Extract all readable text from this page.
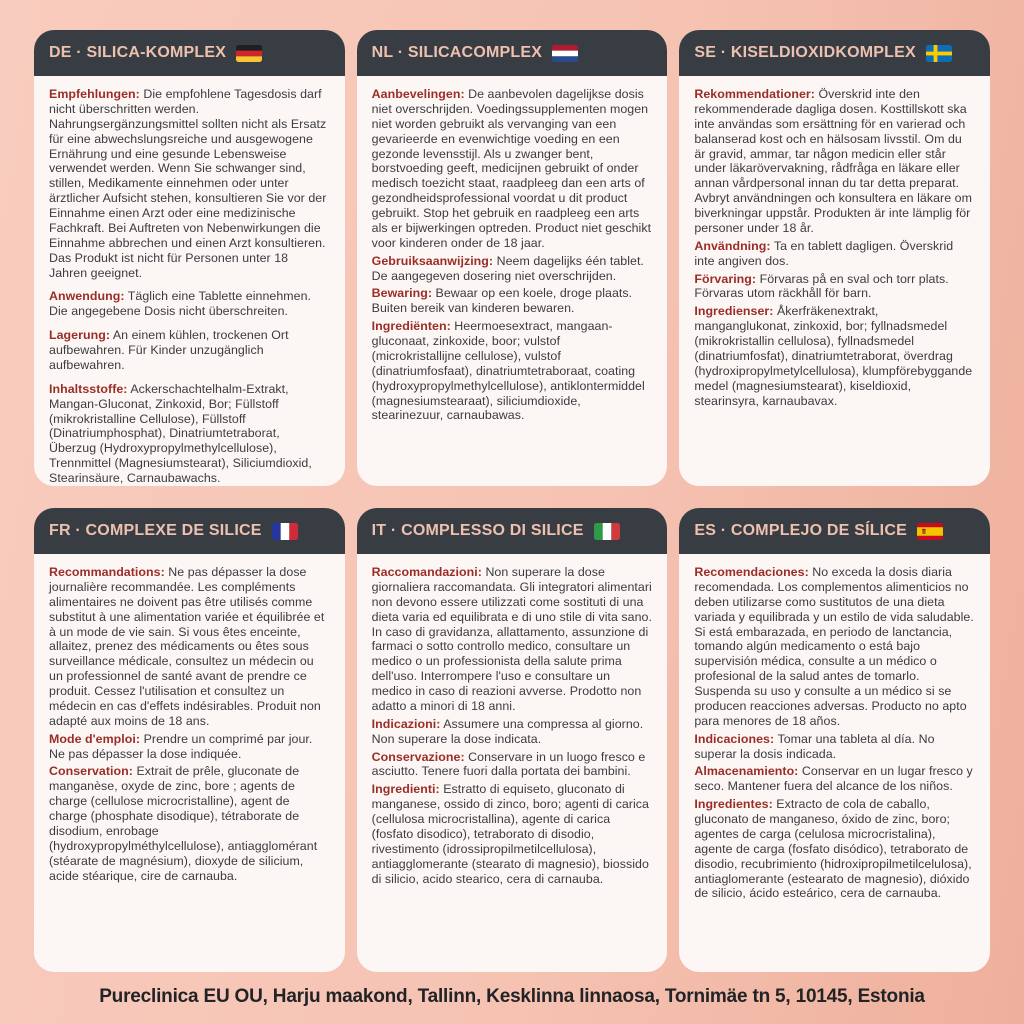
DE · SILICA-KOMPLEX

Empfehlungen: Die empfohlene Tagesdosis darf nicht überschritten werden. Nahrungsergänzungsmittel sollten nicht als Ersatz für eine abwechslungsreiche und ausgewogene Ernährung und eine gesunde Lebensweise verwendet werden. Wenn Sie schwanger sind, stillen, Medikamente einnehmen oder unter ärztlicher Aufsicht stehen, konsultieren Sie vor der Einnahme einen Arzt oder eine medizinische Fachkraft. Bei Auftreten von Nebenwirkungen die Einnahme abbrechen und einen Arzt konsultieren. Das Produkt ist nicht für Personen unter 18 Jahren geeignet.

Anwendung: Täglich eine Tablette einnehmen. Die angegebene Dosis nicht überschreiten.

Lagerung: An einem kühlen, trockenen Ort aufbewahren. Für Kinder unzugänglich aufbewahren.

Inhaltsstoffe: Ackerschachtelhalm-Extrakt, Mangan-Gluconat, Zinkoxid, Bor; Füllstoff (mikrokristalline Cellulose), Füllstoff (Dinatriumphosphat), Dinatriumtetraborat, Überzug (Hydroxypropylmethylcellulose), Trennmittel (Magnesiumstearat), Siliciumdioxid, Stearinsäure, Carnaubawachs.

NL · SILICACOMPLEX

Aanbevelingen: De aanbevolen dagelijkse dosis niet overschrijden. Voedingssupplementen mogen niet worden gebruikt als vervanging van een gevarieerde en evenwichtige voeding en een gezonde levensstijl. Als u zwanger bent, borstvoeding geeft, medicijnen gebruikt of onder medisch toezicht staat, raadpleeg dan een arts of gezondheidsprofessional voordat u dit product gebruikt. Stop het gebruik en raadpleeg een arts als er bijwerkingen optreden. Product niet geschikt voor kinderen onder de 18 jaar.

Gebruiksaanwijzing: Neem dagelijks één tablet. De aangegeven dosering niet overschrijden.

Bewaring: Bewaar op een koele, droge plaats. Buiten bereik van kinderen bewaren.

Ingrediënten: Heermoesextract, mangaan-gluconaat, zinkoxide, boor; vulstof (microkristallijne cellulose), vulstof (dinatriumfosfaat), dinatriumtetraboraat, coating (hydroxypropylmethylcellulose), antiklontermiddel (magnesiumstearaat), siliciumdioxide, stearinezuur, carnaubawas.

SE · KISELDIOXIDKOMPLEX

Rekommendationer: Överskrid inte den rekommenderade dagliga dosen. Kosttillskott ska inte användas som ersättning för en varierad och balanserad kost och en hälsosam livsstil. Om du är gravid, ammar, tar någon medicin eller står under läkarövervakning, rådfråga en läkare eller annan vårdpersonal innan du tar detta preparat. Avbryt användningen och konsultera en läkare om biverkningar uppstår. Produkten är inte lämplig för personer under 18 år.

Användning: Ta en tablett dagligen. Överskrid inte angiven dos.

Förvaring: Förvaras på en sval och torr plats. Förvaras utom räckhåll för barn.

Ingredienser: Åkerfräkenextrakt, manganglukonat, zinkoxid, bor; fyllnadsmedel (mikrokristallin cellulosa), fyllnadsmedel (dinatriumfosfat), dinatriumtetraborat, överdrag (hydroxipropylmetylcellulosa), klumpförebyggande medel (magnesiumstearat), kiseldioxid, stearinsyra, karnaubavax.

FR · COMPLEXE DE SILICE

Recommandations: Ne pas dépasser la dose journalière recommandée. Les compléments alimentaires ne doivent pas être utilisés comme substitut à une alimentation variée et équilibrée et à un mode de vie sain. Si vous êtes enceinte, allaitez, prenez des médicaments ou êtes sous surveillance médicale, consultez un médecin ou un professionnel de santé avant de prendre ce produit. Cessez l'utilisation et consultez un médecin en cas d'effets indésirables. Produit non adapté aux moins de 18 ans.

Mode d'emploi: Prendre un comprimé par jour. Ne pas dépasser la dose indiquée.

Conservation: Extrait de prêle, gluconate de manganèse, oxyde de zinc, bore ; agents de charge (cellulose microcristalline), agent de charge (phosphate disodique), tétraborate de disodium, enrobage (hydroxypropylméthylcellulose), antiagglomérant (stéarate de magnésium), dioxyde de silicium, acide stéarique, cire de carnauba.

IT · COMPLESSO DI SILICE

Raccomandazioni: Non superare la dose giornaliera raccomandata. Gli integratori alimentari non devono essere utilizzati come sostituti di una dieta varia ed equilibrata e di uno stile di vita sano. In caso di gravidanza, allattamento, assunzione di farmaci o sotto controllo medico, consultare un medico o un professionista della salute prima dell'uso. Interrompere l'uso e consultare un medico in caso di reazioni avverse. Prodotto non adatto a minori di 18 anni.

Indicazioni: Assumere una compressa al giorno. Non superare la dose indicata.

Conservazione: Conservare in un luogo fresco e asciutto. Tenere fuori dalla portata dei bambini.

Ingredienti: Estratto di equiseto, gluconato di manganese, ossido di zinco, boro; agenti di carica (cellulosa microcristallina), agente di carica (fosfato disodico), tetraborato di disodio, rivestimento (idrossipropilmetilcellulosa), antiagglomerante (stearato di magnesio), biossido di silicio, acido stearico, cera di carnauba.

ES · COMPLEJO DE SÍLICE

Recomendaciones: No exceda la dosis diaria recomendada. Los complementos alimenticios no deben utilizarse como sustitutos de una dieta variada y equilibrada y un estilo de vida saludable. Si está embarazada, en periodo de lanctancia, tomando algún medicamento o está bajo supervisión médica, consulte a un médico o profesional de la salud antes de tomarlo. Suspenda su uso y consulte a un médico si se producen reacciones adversas. Producto no apto para menores de 18 años.

Indicaciones: Tomar una tableta al día. No superar la dosis indicada.

Almacenamiento: Conservar en un lugar fresco y seco. Mantener fuera del alcance de los niños.

Ingredientes: Extracto de cola de caballo, gluconato de manganeso, óxido de zinc, boro; agentes de carga (celulosa microcristalina), agente de carga (fosfato disódico), tetraborato de disodio, recubrimiento (hidroxipropilmetilcelulosa), antiaglomerante (estearato de magnesio), dióxido de silicio, ácido esteárico, cera de carnauba.

Pureclinica EU OU, Harju maakond, Tallinn, Kesklinna linnaosa, Tornimäe tn 5, 10145, Estonia
